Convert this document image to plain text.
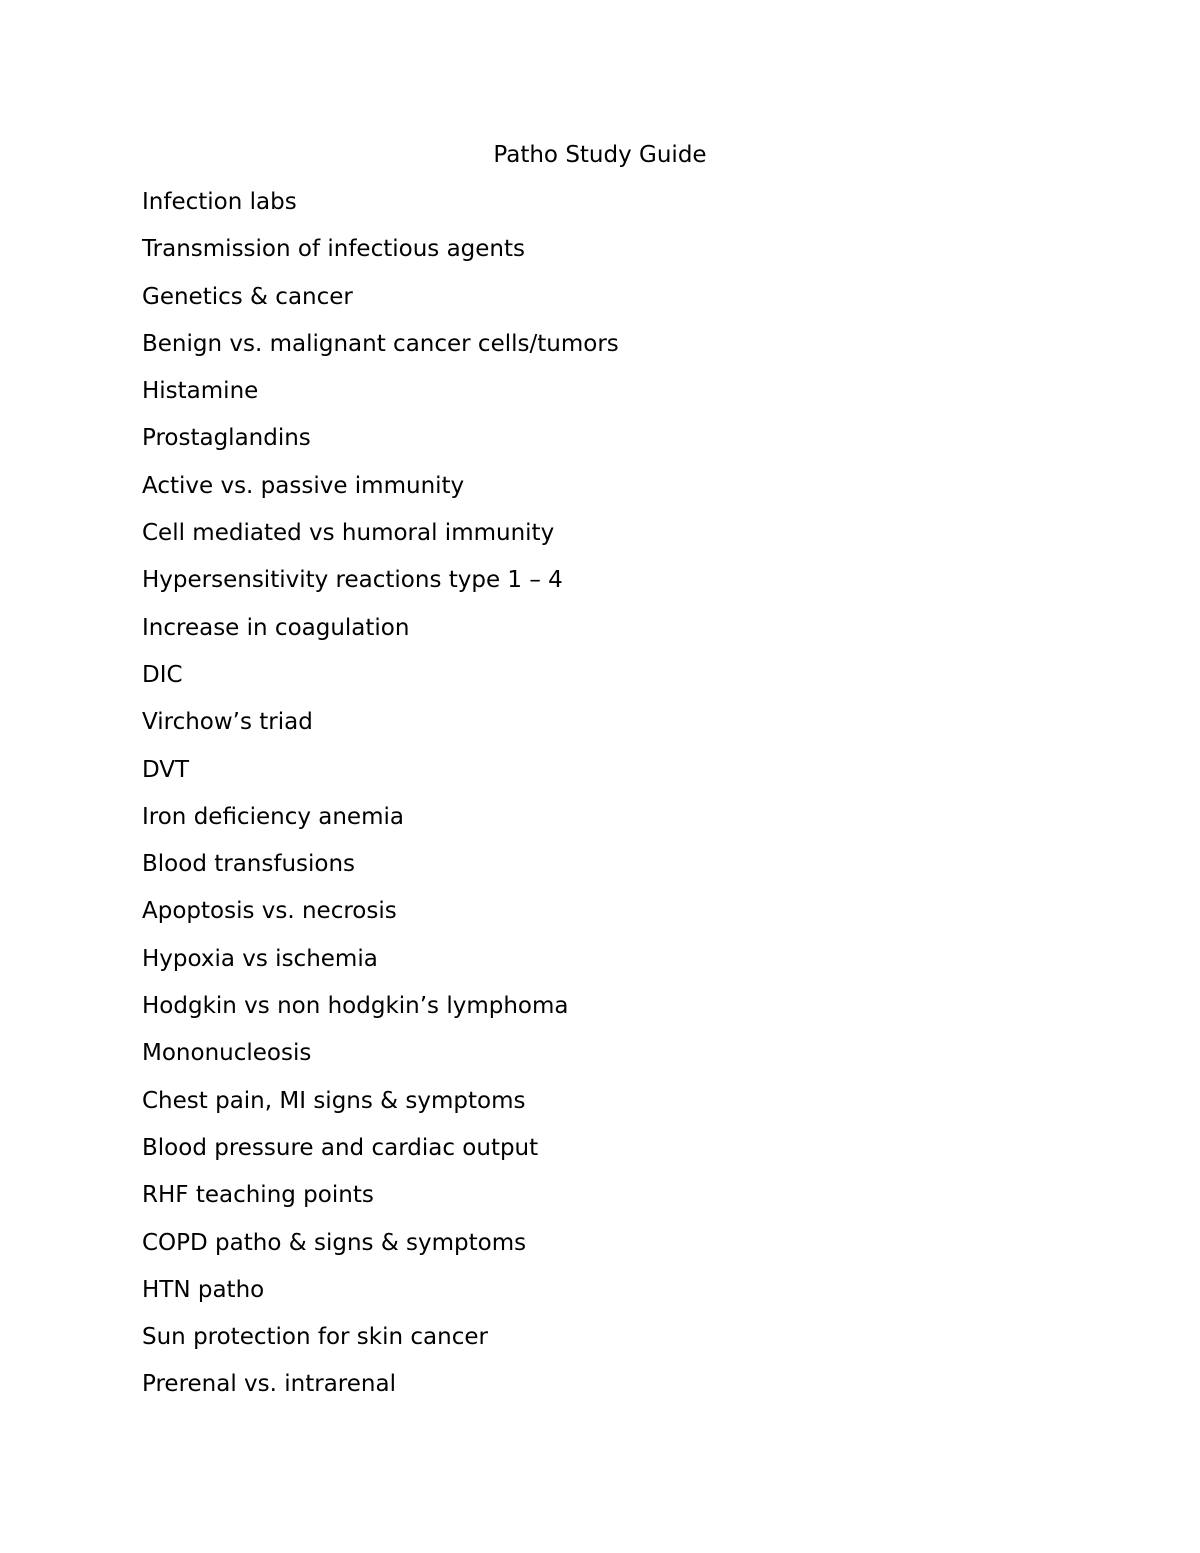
Patho Study Guide
Infection labs
Transmission of infectious agents
Genetics & cancer
Benign vs. malignant cancer cells/tumors
Histamine
Prostaglandins
Active vs. passive immunity
Cell mediated vs humoral immunity
Hypersensitivity reactions type 1 – 4
Increase in coagulation
DIC
Virchow’s triad
DVT
Iron deficiency anemia
Blood transfusions
Apoptosis vs. necrosis
Hypoxia vs ischemia
Hodgkin vs non hodgkin’s lymphoma
Mononucleosis
Chest pain, MI signs & symptoms
Blood pressure and cardiac output
RHF teaching points
COPD patho & signs & symptoms
HTN patho
Sun protection for skin cancer
Prerenal vs. intrarenal
